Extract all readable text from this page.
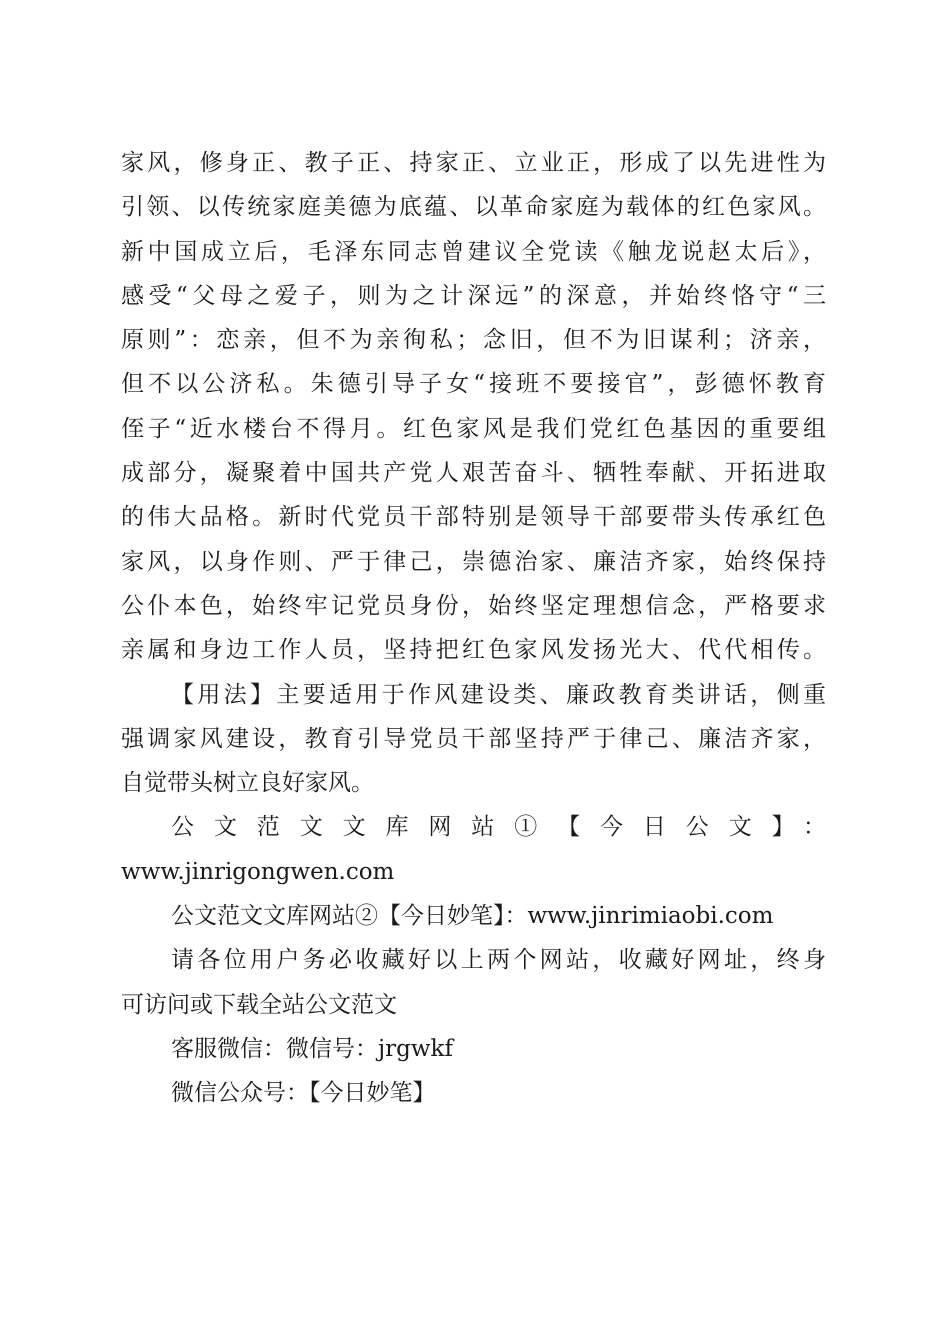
家风，修身正、教子正、持家正、立业正，形成了以先进性为
引领、以传统家庭美德为底蕴、以革命家庭为载体的红色家风。
新中国成立后，毛泽东同志曾建议全党读《触龙说赵太后》，
感受“父母之爱子，则为之计深远”的深意，并始终恪守“三
原则”：恋亲，但不为亲徇私；念旧，但不为旧谋利；济亲，
但不以公济私。朱德引导子女“接班不要接官”，彭德怀教育
侄子“近水楼台不得月。红色家风是我们党红色基因的重要组
成部分，凝聚着中国共产党人艰苦奋斗、牺牲奉献、开拓进取
的伟大品格。新时代党员干部特别是领导干部要带头传承红色
家风，以身作则、严于律己，崇德治家、廉洁齐家，始终保持
公仆本色，始终牢记党员身份，始终坚定理想信念，严格要求
亲属和身边工作人员，坚持把红色家风发扬光大、代代相传。
【用法】主要适用于作风建设类、廉政教育类讲话，侧重
强调家风建设，教育引导党员干部坚持严于律己、廉洁齐家，
自觉带头树立良好家风。
公文范文文库网站①【今日公文】：
www.jinrigongwen.com
公文范文文库网站②【今日妙笔】：www.jinrimiaobi.com
请各位用户务必收藏好以上两个网站，收藏好网址，终身
可访问或下载全站公文范文
客服微信：微信号：jrgwkf
微信公众号：【今日妙笔】
